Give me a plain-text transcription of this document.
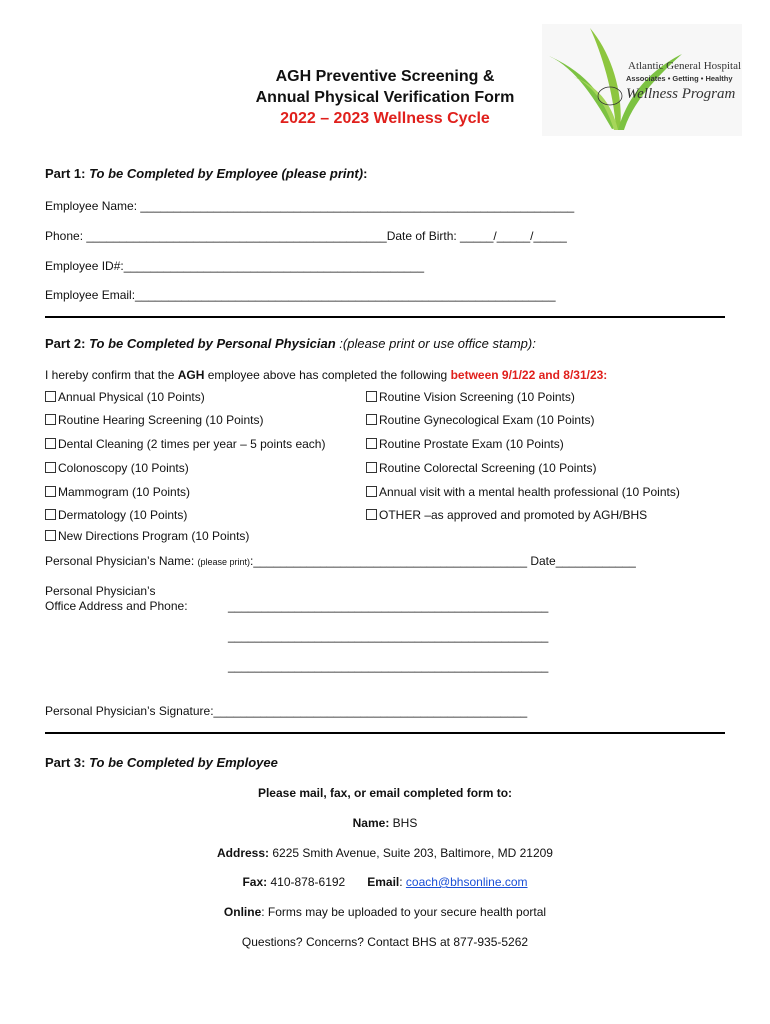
AGH Preventive Screening &
Annual Physical Verification Form
2022 – 2023 Wellness Cycle
Atlantic General Hospital
Associates • Getting • Healthy
Wellness Program
Part 1: To be Completed by Employee (please print):
Employee Name: _________________________________________________________________
Phone: _____________________________________________Date of Birth: _____/_____/_____
Employee ID#:_____________________________________________
Employee Email:_______________________________________________________________
Part 2: To be Completed by Personal Physician :(please print or use office stamp):
I hereby confirm that the AGH employee above has completed the following between 9/1/22 and 8/31/23:
Annual Physical (10 Points)
Routine Hearing Screening (10 Points)
Dental Cleaning (2 times per year – 5 points each)
Colonoscopy (10 Points)
Mammogram (10 Points)
Dermatology (10 Points)
New Directions Program (10 Points)
Routine Vision Screening (10 Points)
Routine Gynecological Exam (10 Points)
Routine Prostate Exam (10 Points)
Routine Colorectal Screening (10 Points)
Annual visit with a mental health professional (10 Points)
OTHER –as approved and promoted by AGH/BHS
Personal Physician’s Name: (please print):_________________________________________ Date____________
Personal Physician’s
Office Address and Phone:	________________________________________________
________________________________________________
________________________________________________
Personal Physician’s Signature:_______________________________________________
Part 3: To be Completed by Employee
Please mail, fax, or email completed form to:
Name: BHS
Address: 6225 Smith Avenue, Suite 203, Baltimore, MD 21209
Fax: 410-878-6192 Email: coach@bhsonline.com
Online: Forms may be uploaded to your secure health portal
Questions? Concerns? Contact BHS at 877-935-5262
